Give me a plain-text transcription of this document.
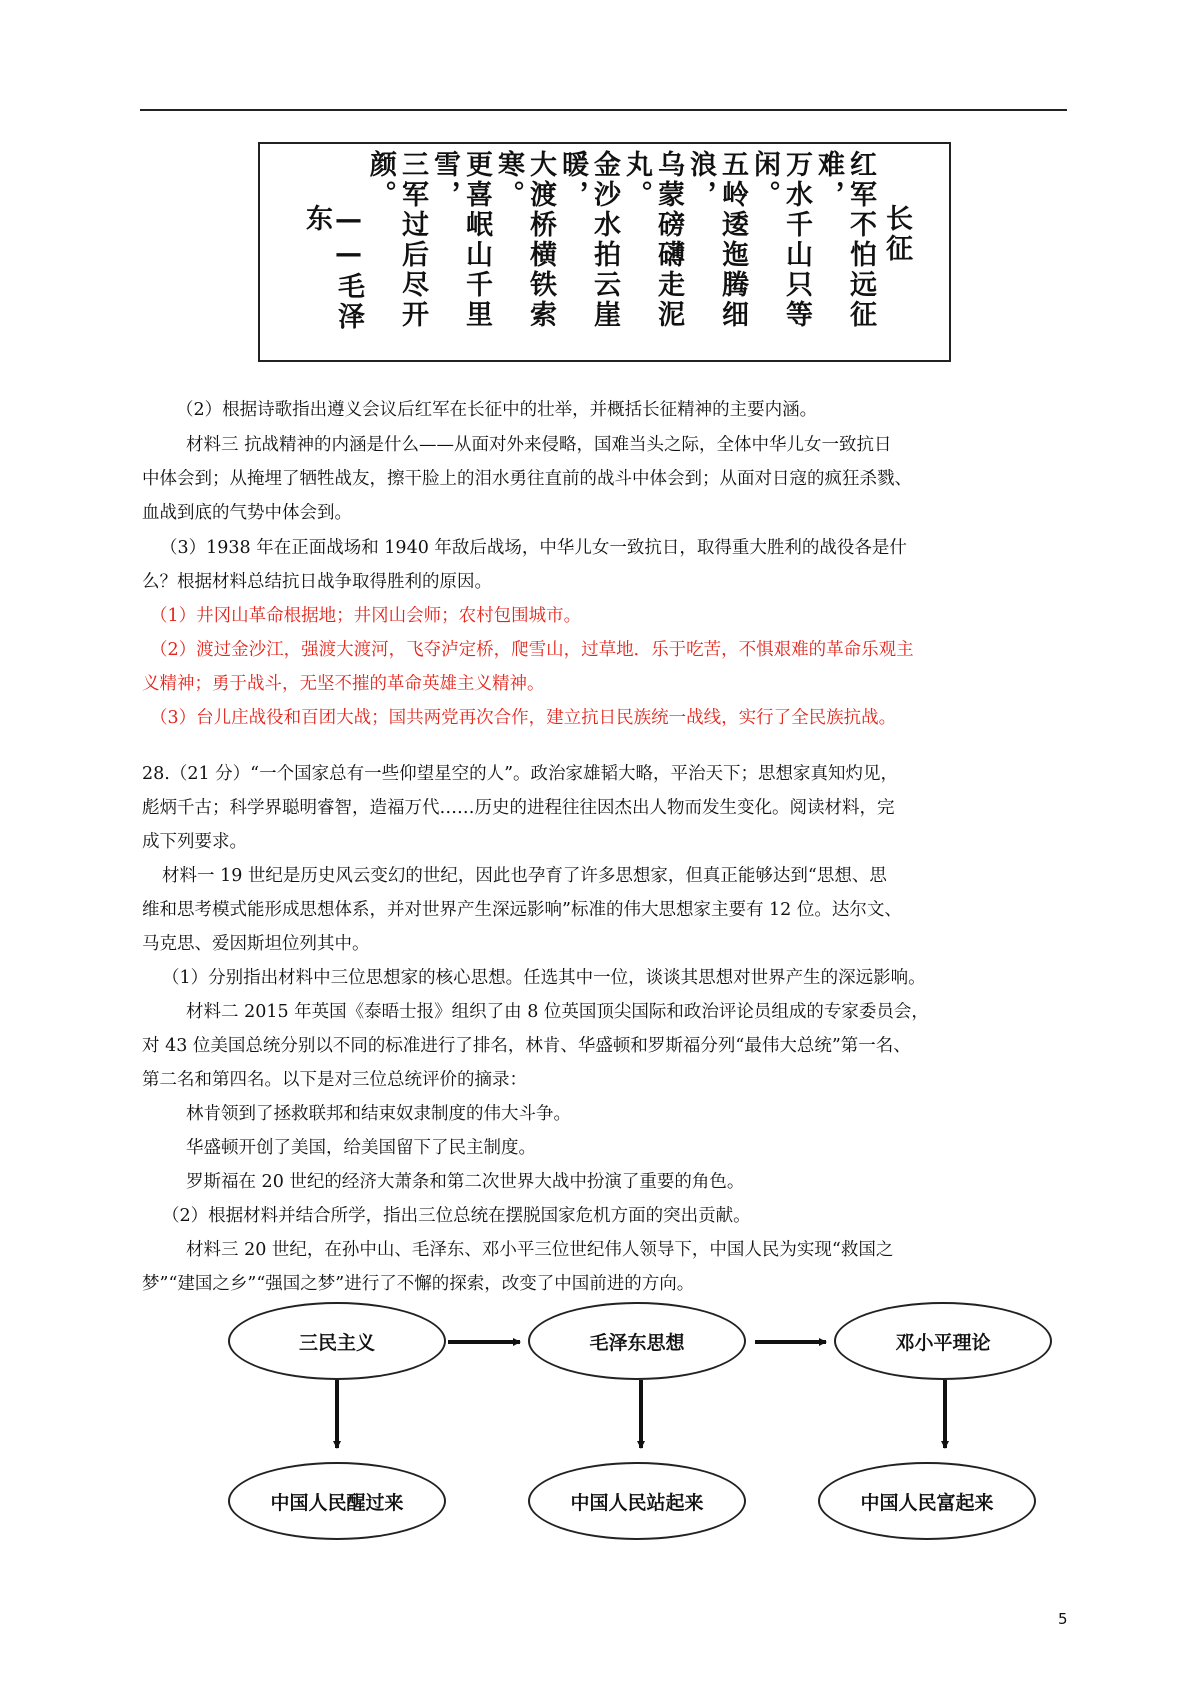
长征
红军不怕远征难，
万水千山只等闲。
五岭逶迤腾细浪，
乌蒙磅礴走泥丸。
金沙水拍云崖暖，
大渡桥横铁索寒。
更喜岷山千里雪，
三军过后尽开颜。
——毛泽东
（2）根据诗歌指出遵义会议后红军在长征中的壮举，并概括长征精神的主要内涵。
材料三 抗战精神的内涵是什么——从面对外来侵略，国难当头之际，全体中华儿女一致抗日
中体会到；从掩埋了牺牲战友，擦干脸上的泪水勇往直前的战斗中体会到；从面对日寇的疯狂杀戮、
血战到底的气势中体会到。
（3）1938 年在正面战场和 1940 年敌后战场，中华儿女一致抗日，取得重大胜利的战役各是什
么？根据材料总结抗日战争取得胜利的原因。
（1）井冈山革命根据地；井冈山会师；农村包围城市。
（2）渡过金沙江，强渡大渡河，飞夺泸定桥，爬雪山，过草地．乐于吃苦，不惧艰难的革命乐观主
义精神；勇于战斗，无坚不摧的革命英雄主义精神。
（3）台儿庄战役和百团大战；国共两党再次合作，建立抗日民族统一战线，实行了全民族抗战。
28.（21 分）“一个国家总有一些仰望星空的人”。政治家雄韬大略，平治天下；思想家真知灼见，
彪炳千古；科学界聪明睿智，造福万代……历史的进程往往因杰出人物而发生变化。阅读材料，完
成下列要求。
材料一 19 世纪是历史风云变幻的世纪，因此也孕育了许多思想家，但真正能够达到“思想、思
维和思考模式能形成思想体系，并对世界产生深远影响”标准的伟大思想家主要有 12 位。达尔文、
马克思、爱因斯坦位列其中。
（1）分别指出材料中三位思想家的核心思想。任选其中一位，谈谈其思想对世界产生的深远影响。
材料二 2015 年英国《泰晤士报》组织了由 8 位英国顶尖国际和政治评论员组成的专家委员会，
对 43 位美国总统分别以不同的标准进行了排名，林肯、华盛顿和罗斯福分列“最伟大总统”第一名、
第二名和第四名。以下是对三位总统评价的摘录：
林肯领到了拯救联邦和结束奴隶制度的伟大斗争。
华盛顿开创了美国，给美国留下了民主制度。
罗斯福在 20 世纪的经济大萧条和第二次世界大战中扮演了重要的角色。
（2）根据材料并结合所学，指出三位总统在摆脱国家危机方面的突出贡献。
材料三 20 世纪，在孙中山、毛泽东、邓小平三位世纪伟人领导下，中国人民为实现“救国之
梦”“建国之乡”“强国之梦”进行了不懈的探索，改变了中国前进的方向。
三民主义	毛泽东思想	邓小平理论
中国人民醒过来	中国人民站起来	中国人民富起来
5
